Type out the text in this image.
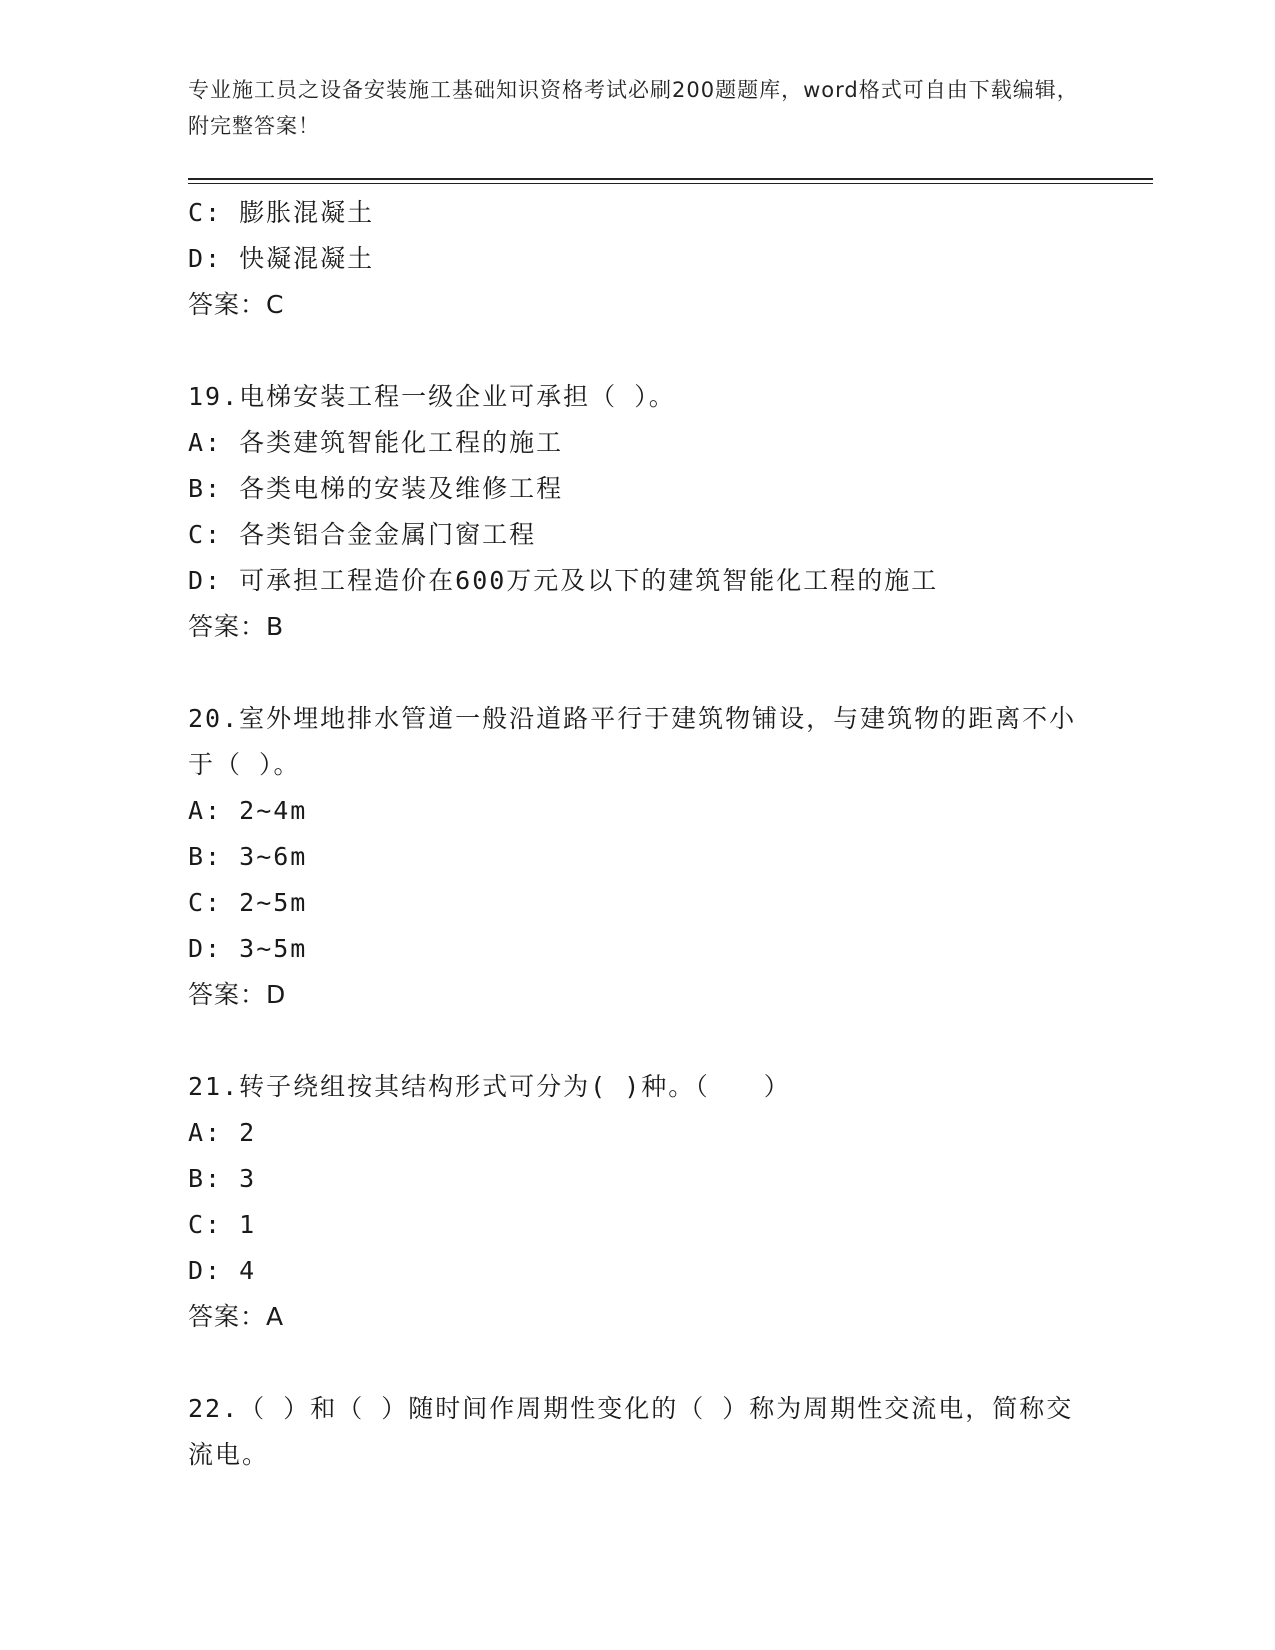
专业施工员之设备安装施工基础知识资格考试必刷200题题库，word格式可自由下载编辑，附完整答案！
C: 膨胀混凝土
D: 快凝混凝土
答案：C
19.电梯安装工程一级企业可承担（ ）。
A: 各类建筑智能化工程的施工
B: 各类电梯的安装及维修工程
C: 各类铝合金金属门窗工程
D: 可承担工程造价在600万元及以下的建筑智能化工程的施工
答案：B
20.室外埋地排水管道一般沿道路平行于建筑物铺设，与建筑物的距离不小于（ ）。
A: 2~4m
B: 3~6m
C: 2~5m
D: 3~5m
答案：D
21.转子绕组按其结构形式可分为( )种。（　　）
A: 2
B: 3
C: 1
D: 4
答案：A
22.（ ）和（ ）随时间作周期性变化的（ ）称为周期性交流电，简称交流电。
